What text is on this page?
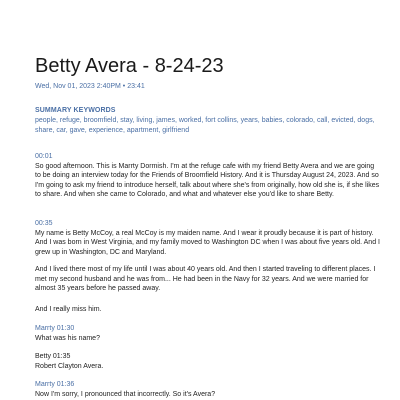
Betty Avera - 8-24-23
Wed, Nov 01, 2023 2:40PM • 23:41
SUMMARY KEYWORDS
people, refuge, broomfield, stay, living, james, worked, fort collins, years, babies, colorado, call, evicted, dogs, share, car, gave, experience, apartment, girlfriend
00:01

So good afternoon. This is Marrty Dormish. I'm at the refuge cafe with my friend Betty Avera and we are going to be doing an interview today for the Friends of Broomfield History. And it is Thursday August 24, 2023. And so I'm going to ask my friend to introduce herself, talk about where she's from originally, how old she is, if she likes to share. And when she came to Colorado, and what and whatever else you'd like to share Betty.

00:35

My name is Betty McCoy, a real McCoy is my maiden name. And I wear it proudly because it is part of history. And I was born in West Virginia, and my family moved to Washington DC when I was about five years old. And I grew up in Washington, DC and Maryland.

And I lived there most of my life until I was about 40 years old. And then I started traveling to different places. I met my second husband and he was from... He had been in the Navy for 32 years. And we were married for almost 35 years before he passed away.

And I really miss him.

Marrty 01:30

What was his name?

Betty 01:35

Robert Clayton Avera.

Marrty 01:36

Now I'm sorry, I pronounced that incorrectly. So it's Avera?
